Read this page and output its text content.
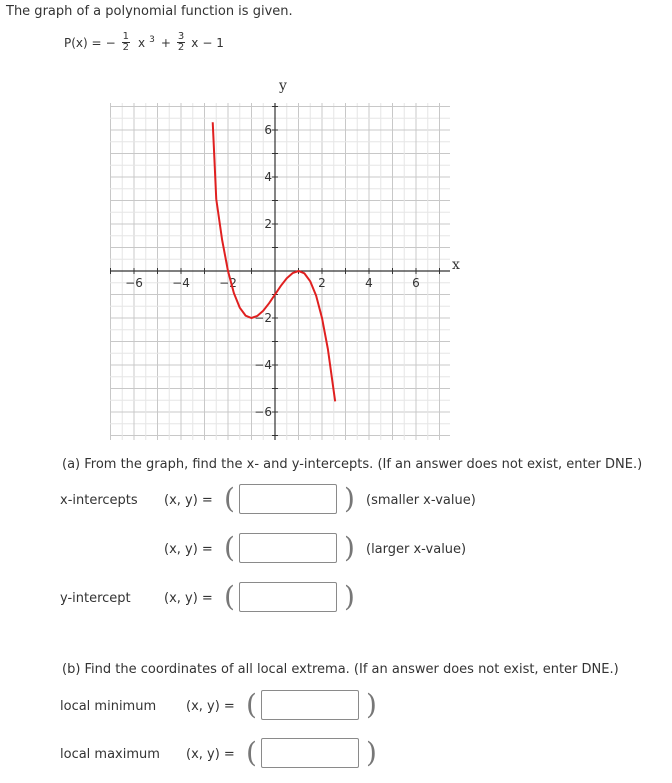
The graph of a polynomial function is given.
P(x) = − $\frac{1}{2}$ x $^3 + \frac{3}{2}$ x − 1
y
x
−6 −4 −2	2	4	6
6
4
2
−2
−4
−6
(a) From the graph, find the x- and y-intercepts. (If an answer does not exist, enter DNE.)
x-intercepts (x, y) = (	) (smaller x-value)
(x, y) = (	) (larger x-value)
y-intercept	(x, y) = (	)
(b) Find the coordinates of all local extrema. (If an answer does not exist, enter DNE.)
local minimum (x, y) = (	)
local maximum (x, y) = (	)
